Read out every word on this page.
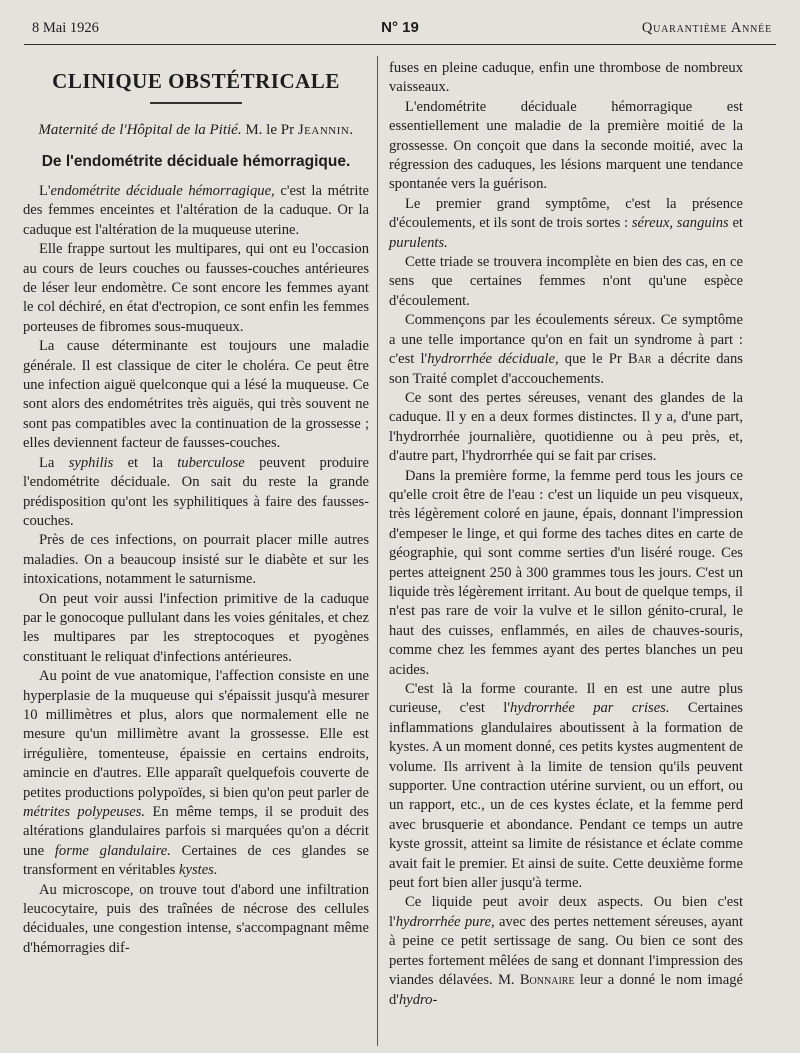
8 Mai 1926	N° 19	Quarantième Année
CLINIQUE OBSTÉTRICALE
Maternité de l'Hôpital de la Pitié. M. le Pr Jeannin.
De l'endométrite déciduale hémorragique.

L'endométrite déciduale hémorragique, c'est la métrite des femmes enceintes et l'altération de la caduque. Or la caduque est l'altération de la muqueuse uterine.

Elle frappe surtout les multipares, qui ont eu l'occasion au cours de leurs couches ou fausses-couches antérieures de léser leur endomètre. Ce sont encore les femmes ayant le col déchiré, en état d'ectropion, ce sont enfin les femmes porteuses de fibromes sous-muqueux.

La cause déterminante est toujours une maladie générale. Il est classique de citer le choléra. Ce peut être une infection aiguë quelconque qui a lésé la muqueuse. Ce sont alors des endométrites très aiguës, qui très souvent ne sont pas compatibles avec la continuation de la grossesse ; elles deviennent facteur de fausses-couches.

La syphilis et la tuberculose peuvent produire l'endométrite déciduale. On sait du reste la grande prédisposition qu'ont les syphilitiques à faire des fausses-couches.

Près de ces infections, on pourrait placer mille autres maladies. On a beaucoup insisté sur le diabète et sur les intoxications, notamment le saturnisme.

On peut voir aussi l'infection primitive de la caduque par le gonocoque pullulant dans les voies génitales, et chez les multipares par les streptocoques et pyogènes constituant le reliquat d'infections antérieures.

Au point de vue anatomique, l'affection consiste en une hyperplasie de la muqueuse qui s'épaissit jusqu'à mesurer 10 millimètres et plus, alors que normalement elle ne mesure qu'un millimètre avant la grossesse. Elle est irrégulière, tomenteuse, épaissie en certains endroits, amincie en d'autres. Elle apparaît quelquefois couverte de petites productions polypoïdes, si bien qu'on peut parler de métrites polypeuses. En même temps, il se produit des altérations glandulaires parfois si marquées qu'on a décrit une forme glandulaire. Certaines de ces glandes se transforment en véritables kystes.

Au microscope, on trouve tout d'abord une infiltration leucocytaire, puis des traînées de nécrose des cellules déciduales, une congestion intense, s'accompagnant même d'hémorragies dif-

fuses en pleine caduque, enfin une thrombose de nombreux vaisseaux.

L'endométrite déciduale hémorragique est essentiellement une maladie de la première moitié de la grossesse. On conçoit que dans la seconde moitié, avec la régression des caduques, les lésions marquent une tendance spontanée vers la guérison.

Le premier grand symptôme, c'est la présence d'écoulements, et ils sont de trois sortes : séreux, sanguins et purulents.

Cette triade se trouvera incomplète en bien des cas, en ce sens que certaines femmes n'ont qu'une espèce d'écoulement.

Commençons par les écoulements séreux. Ce symptôme a une telle importance qu'on en fait un syndrome à part : c'est l'hydrorrhée déciduale, que le Pr Bar a décrite dans son Traité complet d'accouchements.

Ce sont des pertes séreuses, venant des glandes de la caduque. Il y en a deux formes distinctes. Il y a, d'une part, l'hydrorrhée journalière, quotidienne ou à peu près, et, d'autre part, l'hydrorrhée qui se fait par crises.

Dans la première forme, la femme perd tous les jours ce qu'elle croit être de l'eau : c'est un liquide un peu visqueux, très légèrement coloré en jaune, épais, donnant l'impression d'empeser le linge, et qui forme des taches dites en carte de géographie, qui sont comme serties d'un liséré rouge. Ces pertes atteignent 250 à 300 grammes tous les jours. C'est un liquide très légèrement irritant. Au bout de quelque temps, il n'est pas rare de voir la vulve et le sillon génito-crural, le haut des cuisses, enflammés, en ailes de chauves-souris, comme chez les femmes ayant des pertes blanches un peu acides.

C'est là la forme courante. Il en est une autre plus curieuse, c'est l'hydrorrhée par crises. Certaines inflammations glandulaires aboutissent à la formation de kystes. A un moment donné, ces petits kystes augmentent de volume. Ils arrivent à la limite de tension qu'ils peuvent supporter. Une contraction utérine survient, ou un effort, ou un rapport, etc., un de ces kystes éclate, et la femme perd avec brusquerie et abondance. Pendant ce temps un autre kyste grossit, atteint sa limite de résistance et éclate comme avait fait le premier. Et ainsi de suite. Cette deuxième forme peut fort bien aller jusqu'à terme.

Ce liquide peut avoir deux aspects. Ou bien c'est l'hydrorrhée pure, avec des pertes nettement séreuses, ayant à peine ce petit sertissage de sang. Ou bien ce sont des pertes fortement mêlées de sang et donnant l'impression des viandes délavées. M. Bonnaire leur a donné le nom imagé d'hydro-
